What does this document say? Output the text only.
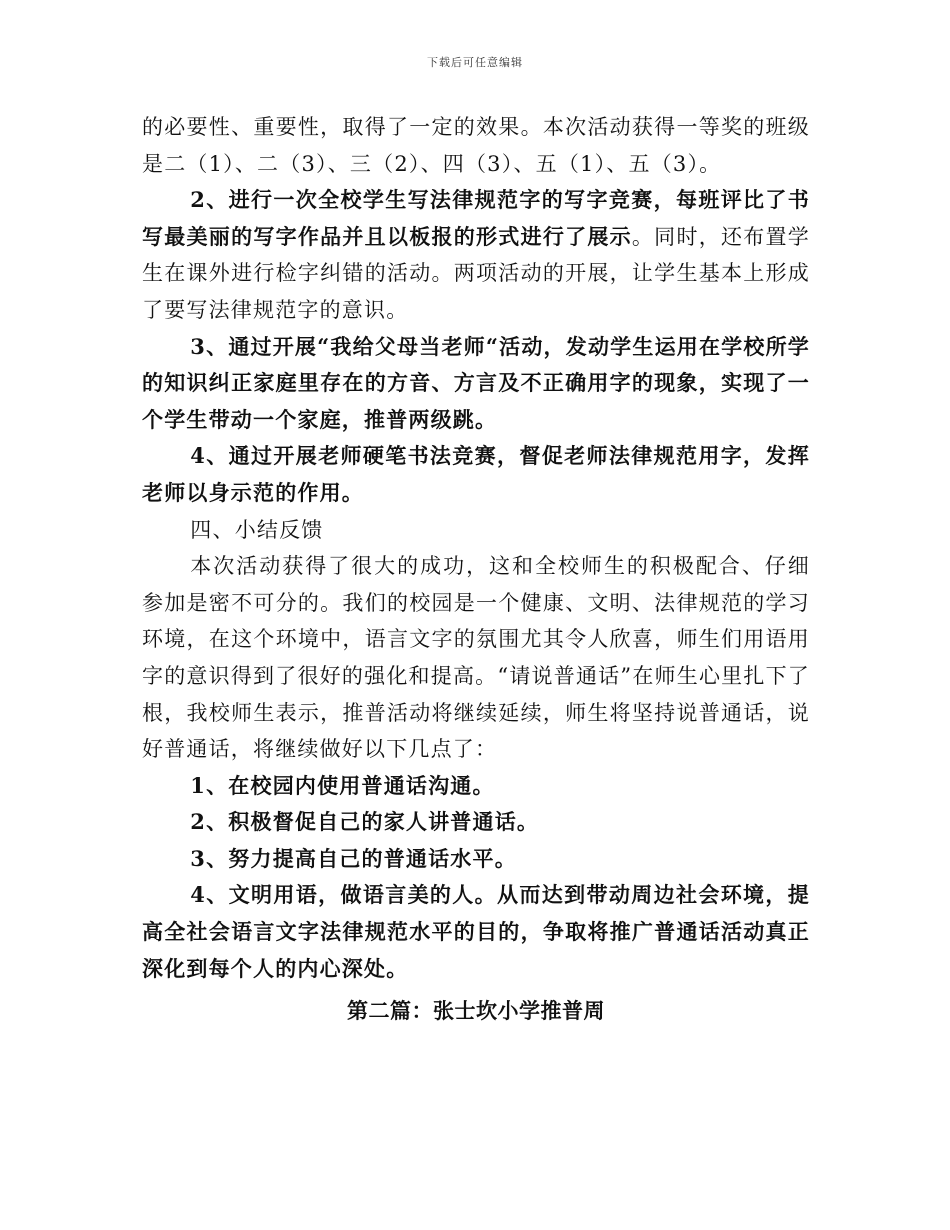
下载后可任意编辑

的必要性、重要性，取得了一定的效果。本次活动获得一等奖的班级是二（1）、二（3）、三（2）、四（3）、五（1）、五（3）。

2、进行一次全校学生写法律规范字的写字竞赛，每班评比了书写最美丽的写字作品并且以板报的形式进行了展示。同时，还布置学生在课外进行检字纠错的活动。两项活动的开展，让学生基本上形成了要写法律规范字的意识。

3、通过开展“我给父母当老师“活动，发动学生运用在学校所学的知识纠正家庭里存在的方音、方言及不正确用字的现象，实现了一个学生带动一个家庭，推普两级跳。

4、通过开展老师硬笔书法竞赛，督促老师法律规范用字，发挥老师以身示范的作用。

四、小结反馈

本次活动获得了很大的成功，这和全校师生的积极配合、仔细参加是密不可分的。我们的校园是一个健康、文明、法律规范的学习环境，在这个环境中，语言文字的氛围尤其令人欣喜，师生们用语用字的意识得到了很好的强化和提高。“请说普通话”在师生心里扎下了根，我校师生表示，推普活动将继续延续，师生将坚持说普通话，说好普通话，将继续做好以下几点了：

1、在校园内使用普通话沟通。

2、积极督促自己的家人讲普通话。

3、努力提高自己的普通话水平。

4、文明用语，做语言美的人。从而达到带动周边社会环境，提高全社会语言文字法律规范水平的目的，争取将推广普通话活动真正深化到每个人的内心深处。

第二篇：张士坎小学推普周
